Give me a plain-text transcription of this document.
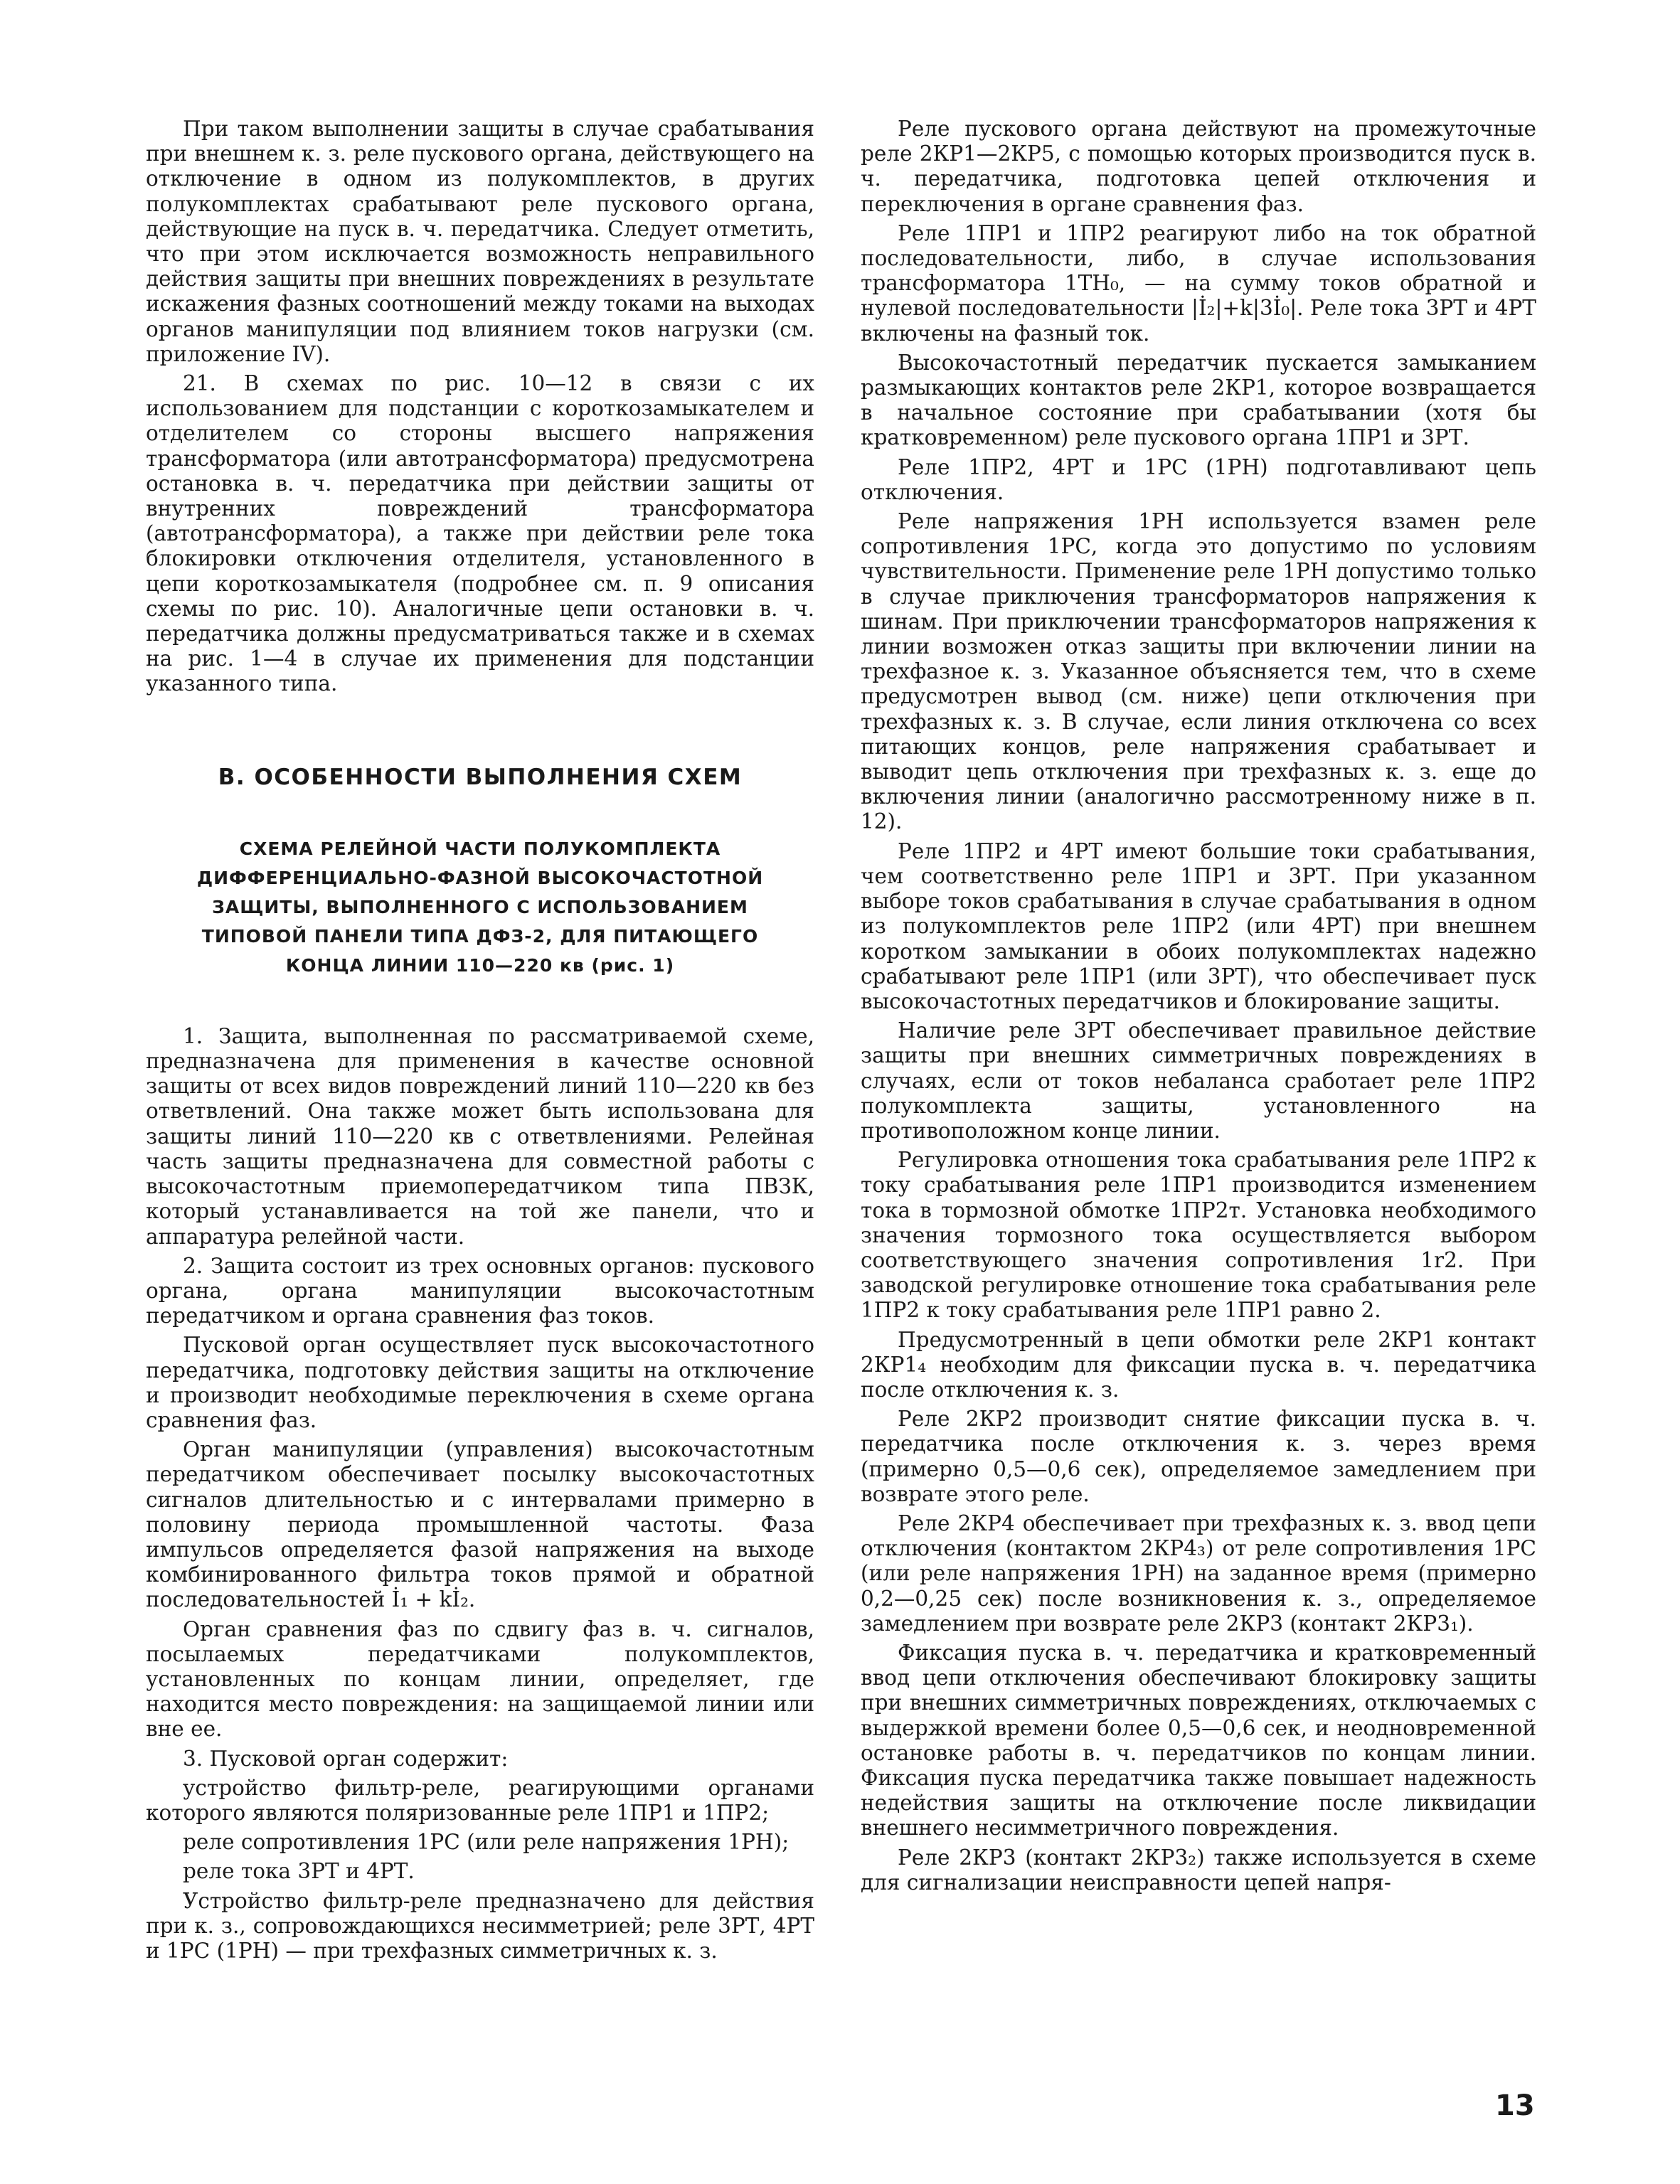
При таком выполнении защиты в случае срабатывания при внешнем к. з. реле пускового органа, действующего на отключение в одном из полукомплектов, в других полукомплектах срабатывают реле пускового органа, действующие на пуск в. ч. передатчика. Следует отметить, что при этом исключается возможность неправильного действия защиты при внешних повреждениях в результате искажения фазных соотношений между токами на выходах органов манипуляции под влиянием токов нагрузки (см. приложение IV).

21. В схемах по рис. 10—12 в связи с их использованием для подстанции с короткозамыкателем и отделителем со стороны высшего напряжения трансформатора (или автотрансформатора) предусмотрена остановка в. ч. передатчика при действии защиты от внутренних повреждений трансформатора (автотрансформатора), а также при действии реле тока блокировки отключения отделителя, установленного в цепи короткозамыкателя (подробнее см. п. 9 описания схемы по рис. 10). Аналогичные цепи остановки в. ч. передатчика должны предусматриваться также и в схемах на рис. 1—4 в случае их применения для подстанции указанного типа.

В. ОСОБЕННОСТИ ВЫПОЛНЕНИЯ СХЕМ
СХЕМА РЕЛЕЙНОЙ ЧАСТИ ПОЛУКОМПЛЕКТА
ДИФФЕРЕНЦИАЛЬНО-ФАЗНОЙ ВЫСОКОЧАСТОТНОЙ
ЗАЩИТЫ, ВЫПОЛНЕННОГО С ИСПОЛЬЗОВАНИЕМ
ТИПОВОЙ ПАНЕЛИ ТИПА ДФЗ-2, ДЛЯ ПИТАЮЩЕГО
КОНЦА ЛИНИИ 110—220 кв (рис. 1)

1. Защита, выполненная по рассматриваемой схеме, предназначена для применения в качестве основной защиты от всех видов повреждений линий 110—220 кв без ответвлений. Она также может быть использована для защиты линий 110—220 кв с ответвлениями. Релейная часть защиты предназначена для совместной работы с высокочастотным приемопередатчиком типа ПВЗК, который устанавливается на той же панели, что и аппаратура релейной части.

2. Защита состоит из трех основных органов: пускового органа, органа манипуляции высокочастотным передатчиком и органа сравнения фаз токов.

Пусковой орган осуществляет пуск высокочастотного передатчика, подготовку действия защиты на отключение и производит необходимые переключения в схеме органа сравнения фаз.

Орган манипуляции (управления) высокочастотным передатчиком обеспечивает посылку высокочастотных сигналов длительностью и с интервалами примерно в половину периода промышленной частоты. Фаза импульсов определяется фазой напряжения на выходе комбинированного фильтра токов прямой и обратной последовательностей İ₁ + kİ₂.

Орган сравнения фаз по сдвигу фаз в. ч. сигналов, посылаемых передатчиками полукомплектов, установленных по концам линии, определяет, где находится место повреждения: на защищаемой линии или вне ее.

3. Пусковой орган содержит:

устройство фильтр-реле, реагирующими органами которого являются поляризованные реле 1ПР1 и 1ПР2;

реле сопротивления 1РС (или реле напряжения 1РН);

реле тока 3РТ и 4РТ.

Устройство фильтр-реле предназначено для действия при к. з., сопровождающихся несимметрией; реле 3РТ, 4РТ и 1РС (1РН) — при трехфазных симметричных к. з.

Реле пускового органа действуют на промежуточные реле 2КР1—2КР5, с помощью которых производится пуск в. ч. передатчика, подготовка цепей отключения и переключения в органе сравнения фаз.

Реле 1ПР1 и 1ПР2 реагируют либо на ток обратной последовательности, либо, в случае использования трансформатора 1ТН₀, — на сумму токов обратной и нулевой последовательности |İ₂|+k|3İ₀|. Реле тока 3РТ и 4РТ включены на фазный ток.

Высокочастотный передатчик пускается замыканием размыкающих контактов реле 2КР1, которое возвращается в начальное состояние при срабатывании (хотя бы кратковременном) реле пускового органа 1ПР1 и 3РТ.

Реле 1ПР2, 4РТ и 1РС (1РН) подготавливают цепь отключения.

Реле напряжения 1РН используется взамен реле сопротивления 1РС, когда это допустимо по условиям чувствительности. Применение реле 1РН допустимо только в случае приключения трансформаторов напряжения к шинам. При приключении трансформаторов напряжения к линии возможен отказ защиты при включении линии на трехфазное к. з. Указанное объясняется тем, что в схеме предусмотрен вывод (см. ниже) цепи отключения при трехфазных к. з. В случае, если линия отключена со всех питающих концов, реле напряжения срабатывает и выводит цепь отключения при трехфазных к. з. еще до включения линии (аналогично рассмотренному ниже в п. 12).

Реле 1ПР2 и 4РТ имеют большие токи срабатывания, чем соответственно реле 1ПР1 и 3РТ. При указанном выборе токов срабатывания в случае срабатывания в одном из полукомплектов реле 1ПР2 (или 4РТ) при внешнем коротком замыкании в обоих полукомплектах надежно срабатывают реле 1ПР1 (или 3РТ), что обеспечивает пуск высокочастотных передатчиков и блокирование защиты.

Наличие реле 3РТ обеспечивает правильное действие защиты при внешних симметричных повреждениях в случаях, если от токов небаланса сработает реле 1ПР2 полукомплекта защиты, установленного на противоположном конце линии.

Регулировка отношения тока срабатывания реле 1ПР2 к току срабатывания реле 1ПР1 производится изменением тока в тормозной обмотке 1ПР2т. Установка необходимого значения тормозного тока осуществляется выбором соответствующего значения сопротивления 1r2. При заводской регулировке отношение тока срабатывания реле 1ПР2 к току срабатывания реле 1ПР1 равно 2.

Предусмотренный в цепи обмотки реле 2КР1 контакт 2КР1₄ необходим для фиксации пуска в. ч. передатчика после отключения к. з.

Реле 2КР2 производит снятие фиксации пуска в. ч. передатчика после отключения к. з. через время (примерно 0,5—0,6 сек), определяемое замедлением при возврате этого реле.

Реле 2КР4 обеспечивает при трехфазных к. з. ввод цепи отключения (контактом 2КР4₃) от реле сопротивления 1РС (или реле напряжения 1РН) на заданное время (примерно 0,2—0,25 сек) после возникновения к. з., определяемое замедлением при возврате реле 2КР3 (контакт 2КР3₁).

Фиксация пуска в. ч. передатчика и кратковременный ввод цепи отключения обеспечивают блокировку защиты при внешних симметричных повреждениях, отключаемых с выдержкой времени более 0,5—0,6 сек, и неодновременной остановке работы в. ч. передатчиков по концам линии. Фиксация пуска передатчика также повышает надежность недействия защиты на отключение после ликвидации внешнего несимметричного повреждения.

Реле 2КР3 (контакт 2КР3₂) также используется в схеме для сигнализации неисправности цепей напря-

13
